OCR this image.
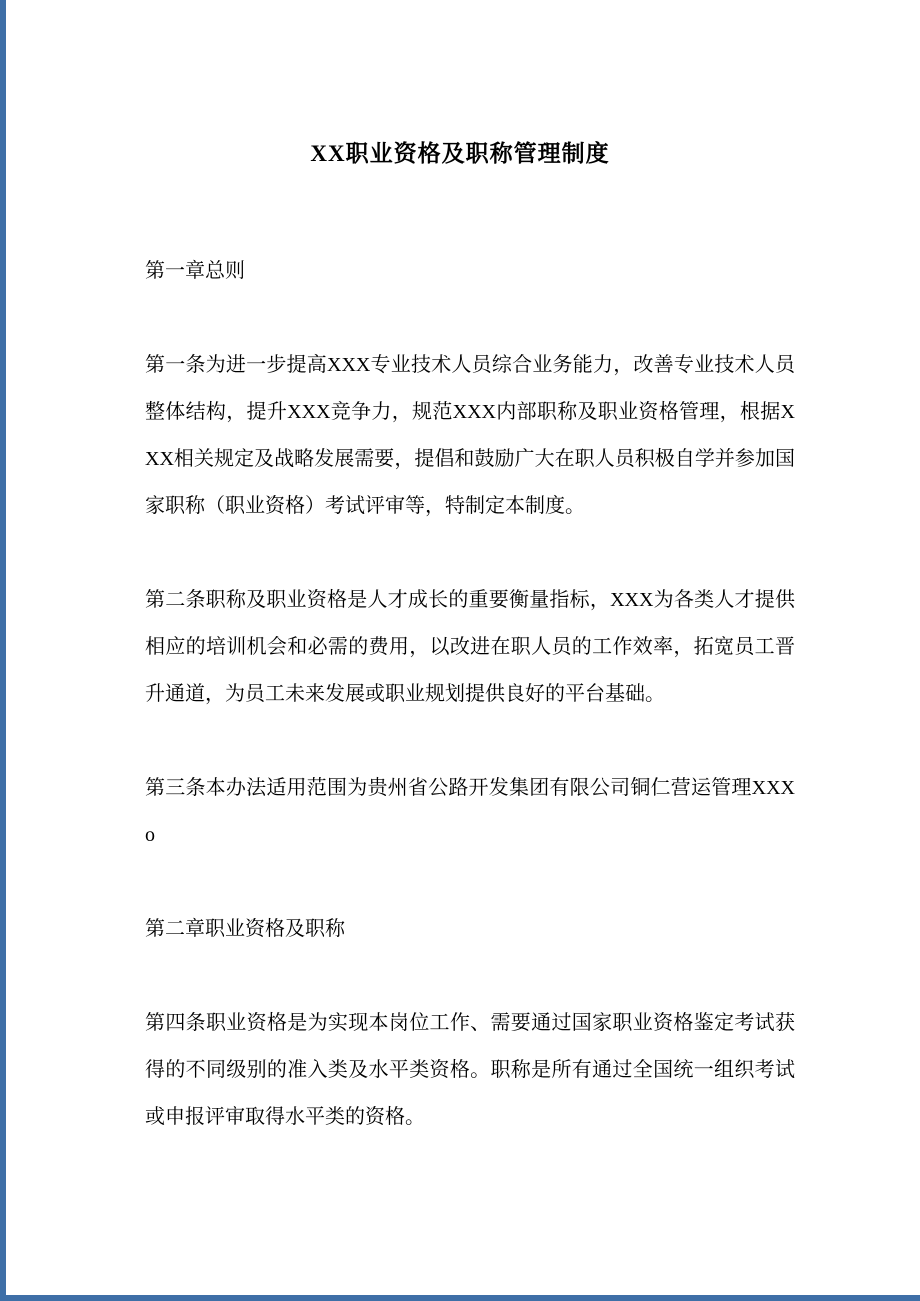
XX职业资格及职称管理制度

第一章总则

第一条为进一步提高XXX专业技术人员综合业务能力，改善专业技术人员整体结构，提升XXX竞争力，规范XXX内部职称及职业资格管理，根据XXX相关规定及战略发展需要，提倡和鼓励广大在职人员积极自学并参加国家职称（职业资格）考试评审等，特制定本制度。

第二条职称及职业资格是人才成长的重要衡量指标，XXX为各类人才提供相应的培训机会和必需的费用，以改进在职人员的工作效率，拓宽员工晋升通道，为员工未来发展或职业规划提供良好的平台基础。

第三条本办法适用范围为贵州省公路开发集团有限公司铜仁营运管理XXXo

第二章职业资格及职称

第四条职业资格是为实现本岗位工作、需要通过国家职业资格鉴定考试获得的不同级别的准入类及水平类资格。职称是所有通过全国统一组织考试或申报评审取得水平类的资格。
